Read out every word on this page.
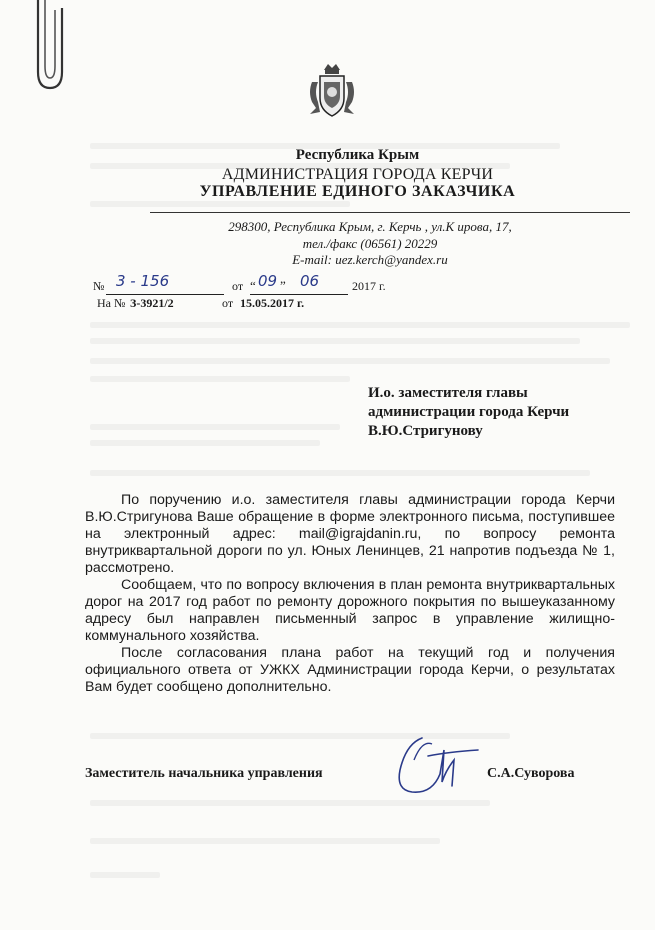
Республика Крым
АДМИНИСТРАЦИЯ ГОРОДА КЕРЧИ
УПРАВЛЕНИЕ ЕДИНОГО ЗАКАЗЧИКА
298300, Республика Крым, г. Керчь , ул.К ирова, 17,
тел./факс (06561) 20229
E-mail: uez.kerch@yandex.ru
№ 3 - 156	от “ 09 ” 06	2017 г.
На № З-3921/2	от 15.05.2017 г.
И.о. заместителя главы
администрации города Керчи
В.Ю.Стригунову

По поручению и.о. заместителя главы администрации города Керчи В.Ю.Стригунова Ваше обращение в форме электронного письма, поступившее на электронный адрес: mail@igrajdanin.ru, по вопросу ремонта внутриквартальной дороги по ул. Юных Ленинцев, 21 напротив подъезда № 1, рассмотрено.

Сообщаем, что по вопросу включения в план ремонта внутриквартальных дорог на 2017 год работ по ремонту дорожного покрытия по вышеуказанному адресу был направлен письменный запрос в управление жилищно-коммунального хозяйства.

После согласования плана работ на текущий год и получения официального ответа от УЖКХ Администрации города Керчи, о результатах Вам будет сообщено дополнительно.

Заместитель начальника управления	С.А.Суворова
